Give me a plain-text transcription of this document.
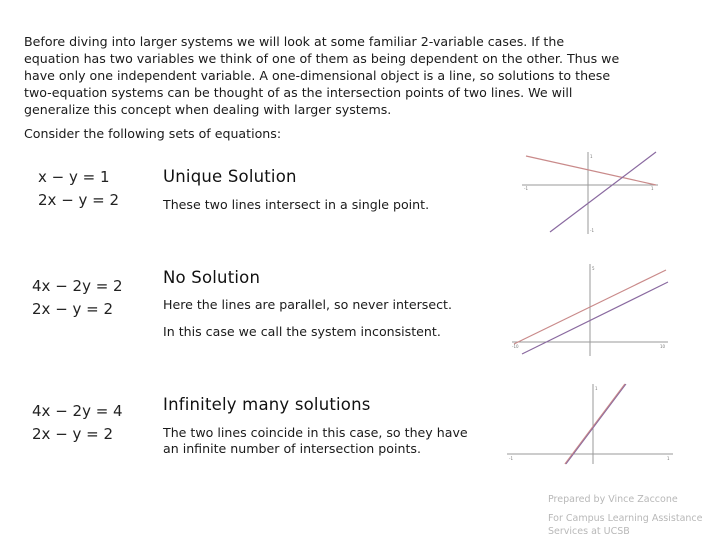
Before diving into larger systems we will look at some familiar 2-variable cases. If the
equation has two variables we think of one of them as being dependent on the other. Thus we
have only one independent variable. A one-dimensional object is a line, so solutions to these
two-equation systems can be thought of as the intersection points of two lines. We will
generalize this concept when dealing with larger systems.
Consider the following sets of equations:
x − y = 1
2x − y = 2
Unique Solution
These two lines intersect in a single point.
-1	1
1
-1
4x − 2y = 2
2x − y = 2
No Solution
Here the lines are parallel, so never intersect.
In this case we call the system inconsistent.
-10	10
5
4x − 2y = 4
2x − y = 2
Infinitely many solutions
The two lines coincide in this case, so they have
an infinite number of intersection points.
-1	1
1
Prepared by Vince Zaccone
For Campus Learning Assistance
Services at UCSB
